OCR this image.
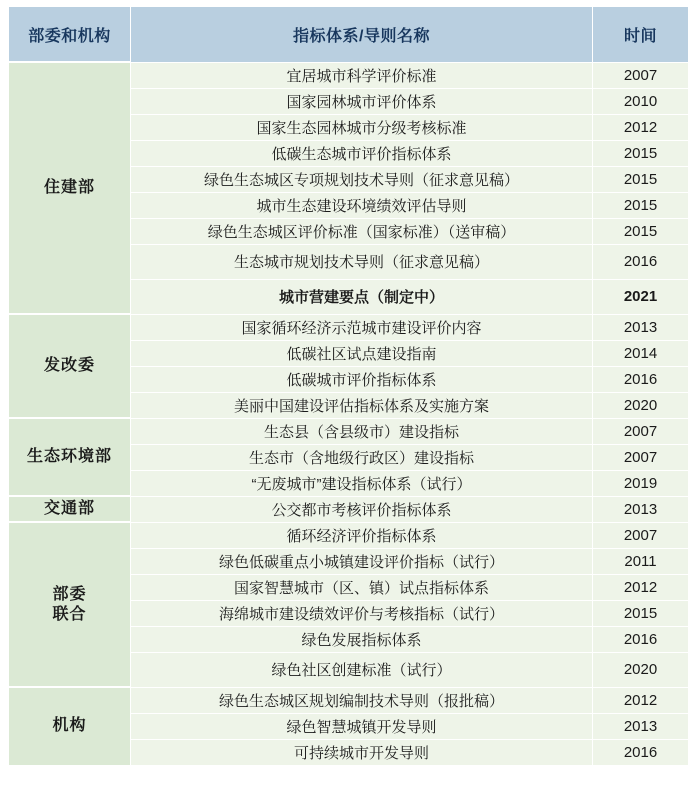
部委和机构	指标体系/导则名称	时间
住建部	宜居城市科学评价标准	2007
	国家园林城市评价体系	2010
	国家生态园林城市分级考核标准	2012
	低碳生态城市评价指标体系	2015
	绿色生态城区专项规划技术导则（征求意见稿）	2015
	城市生态建设环境绩效评估导则	2015
	绿色生态城区评价标准（国家标准）（送审稿）	2015
	生态城市规划技术导则（征求意见稿）	2016
	城市营建要点（制定中）	2021
发改委	国家循环经济示范城市建设评价内容	2013
	低碳社区试点建设指南	2014
	低碳城市评价指标体系	2016
	美丽中国建设评估指标体系及实施方案	2020
生态环境部	生态县（含县级市）建设指标	2007
	生态市（含地级行政区）建设指标	2007
	“无废城市”建设指标体系（试行）	2019
交通部	公交都市考核评价指标体系	2013

部委
联合	循环经济评价指标体系	2007
	绿色低碳重点小城镇建设评价指标（试行）	2011
	国家智慧城市（区、镇）试点指标体系	2012
	海绵城市建设绩效评价与考核指标（试行）	2015
	绿色发展指标体系	2016
	绿色社区创建标准（试行）	2020
机构	绿色生态城区规划编制技术导则（报批稿）	2012
	绿色智慧城镇开发导则	2013
	可持续城市开发导则	2016
